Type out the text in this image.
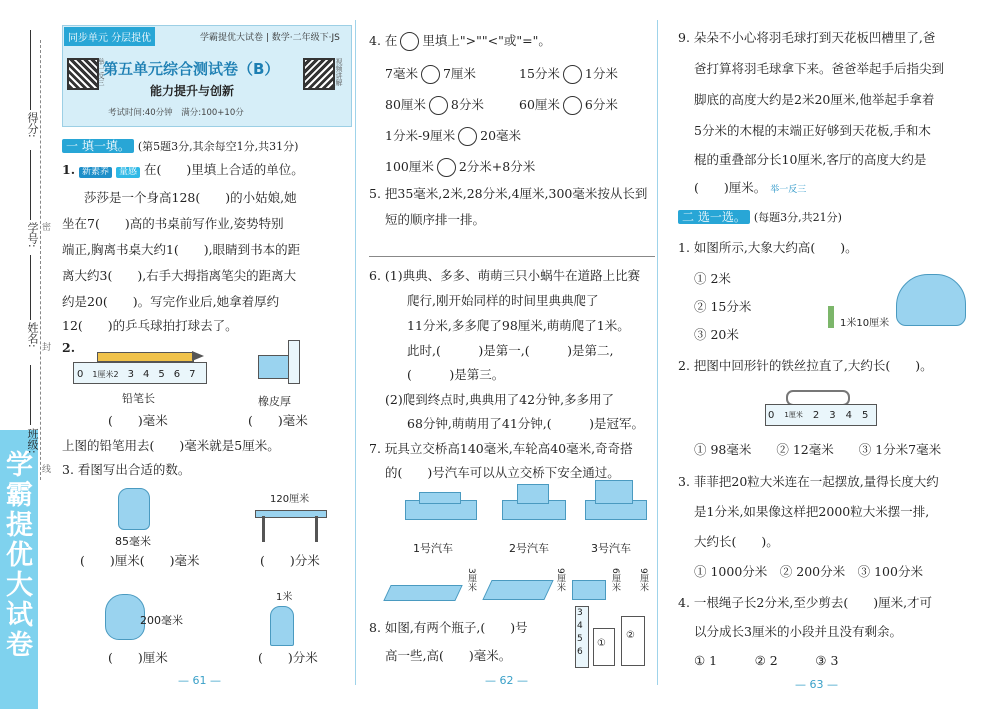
学霸提优大试卷
得分:
学号:
姓名:
班级:
密
封
线
同步单元 分层提优	学霸提优大试卷 | 数学·二年级下·JS
举一反三	视频讲解
第五单元综合测试卷（B）
能力提升与创新
考试时间:40分钟　 满分:100+10分
一 填一填。 (第5题3分,其余每空1分,共31分)
1. 新素养 量感 在(　　)里填上合适的单位。
莎莎是一个身高128(　　)的小姑娘,她
坐在7(　　)高的书桌前写作业,姿势特别
端正,胸离书桌大约1(　　),眼睛到书本的距
离大约3(　　),右手大拇指离笔尖的距离大
约是20(　　)。写完作业后,她拿着厚约
12(　　)的乒乓球拍打球去了。
2.
0 1厘米2 3 4 5 6 7
铅笔长
(　　)毫米
橡皮厚
(　　)毫米
上图的铅笔用去(　　)毫米就是5厘米。
3. 看图写出合适的数。
85毫米
(　　)厘米(　　)毫米
120厘米
(　　)分米
200毫米
(　　)厘米
1米
(　　)分米
— 61 —
4. 在 里填上">""<"或"="。
7毫米 7厘米	15分米 1分米
80厘米 8分米	60厘米 6分米
1分米-9厘米 20毫米
100厘米 2分米+8分米
5. 把35毫米,2米,28分米,4厘米,300毫米按从长到
短的顺序排一排。
6. (1)典典、多多、萌萌三只小蜗牛在道路上比赛
爬行,刚开始同样的时间里典典爬了
11分米,多多爬了98厘米,萌萌爬了1米。
此时,(　　　)是第一,(　　　)是第二,
(　　　)是第三。
(2)爬到终点时,典典用了42分钟,多多用了
68分钟,萌萌用了41分钟,(　　　)是冠军。
7. 玩具立交桥高140毫米,车轮高40毫米,奇奇搭
的(　　)号汽车可以从立交桥下安全通过。
1号汽车	2号汽车	3号汽车
3厘米	9厘米	6厘米 9厘米
8. 如图,有两个瓶子,(　　)号
高一些,高(　　)毫米。
3
4
5
6
①
②
— 62 —
9. 朵朵不小心将羽毛球打到天花板凹槽里了,爸
爸打算将羽毛球拿下来。爸爸举起手后指尖到
脚底的高度大约是2米20厘米,他举起手拿着
5分米的木棍的末端正好够到天花板,手和木
棍的重叠部分长10厘米,客厅的高度大约是
(　　)厘米。 举一反三
二 选一选。 (每题3分,共21分)
1. 如图所示,大象大约高(　　)。
① 2米
② 15分米
③ 20米
1米10厘米
2. 把图中回形针的铁丝拉直了,大约长(　　)。
0 1厘米 2 3 4 5
① 98毫米　　② 12毫米　　③ 1分米7毫米
3. 菲菲把20粒大米连在一起摆放,量得长度大约
是1分米,如果像这样把2000粒大米摆一排,
大约长(　　)。
① 1000分米　② 200分米　③ 100分米
4. 一根绳子长2分米,至少剪去(　　)厘米,才可
以分成长3厘米的小段并且没有剩余。
① 1　　　② 2　　　③ 3
— 63 —
